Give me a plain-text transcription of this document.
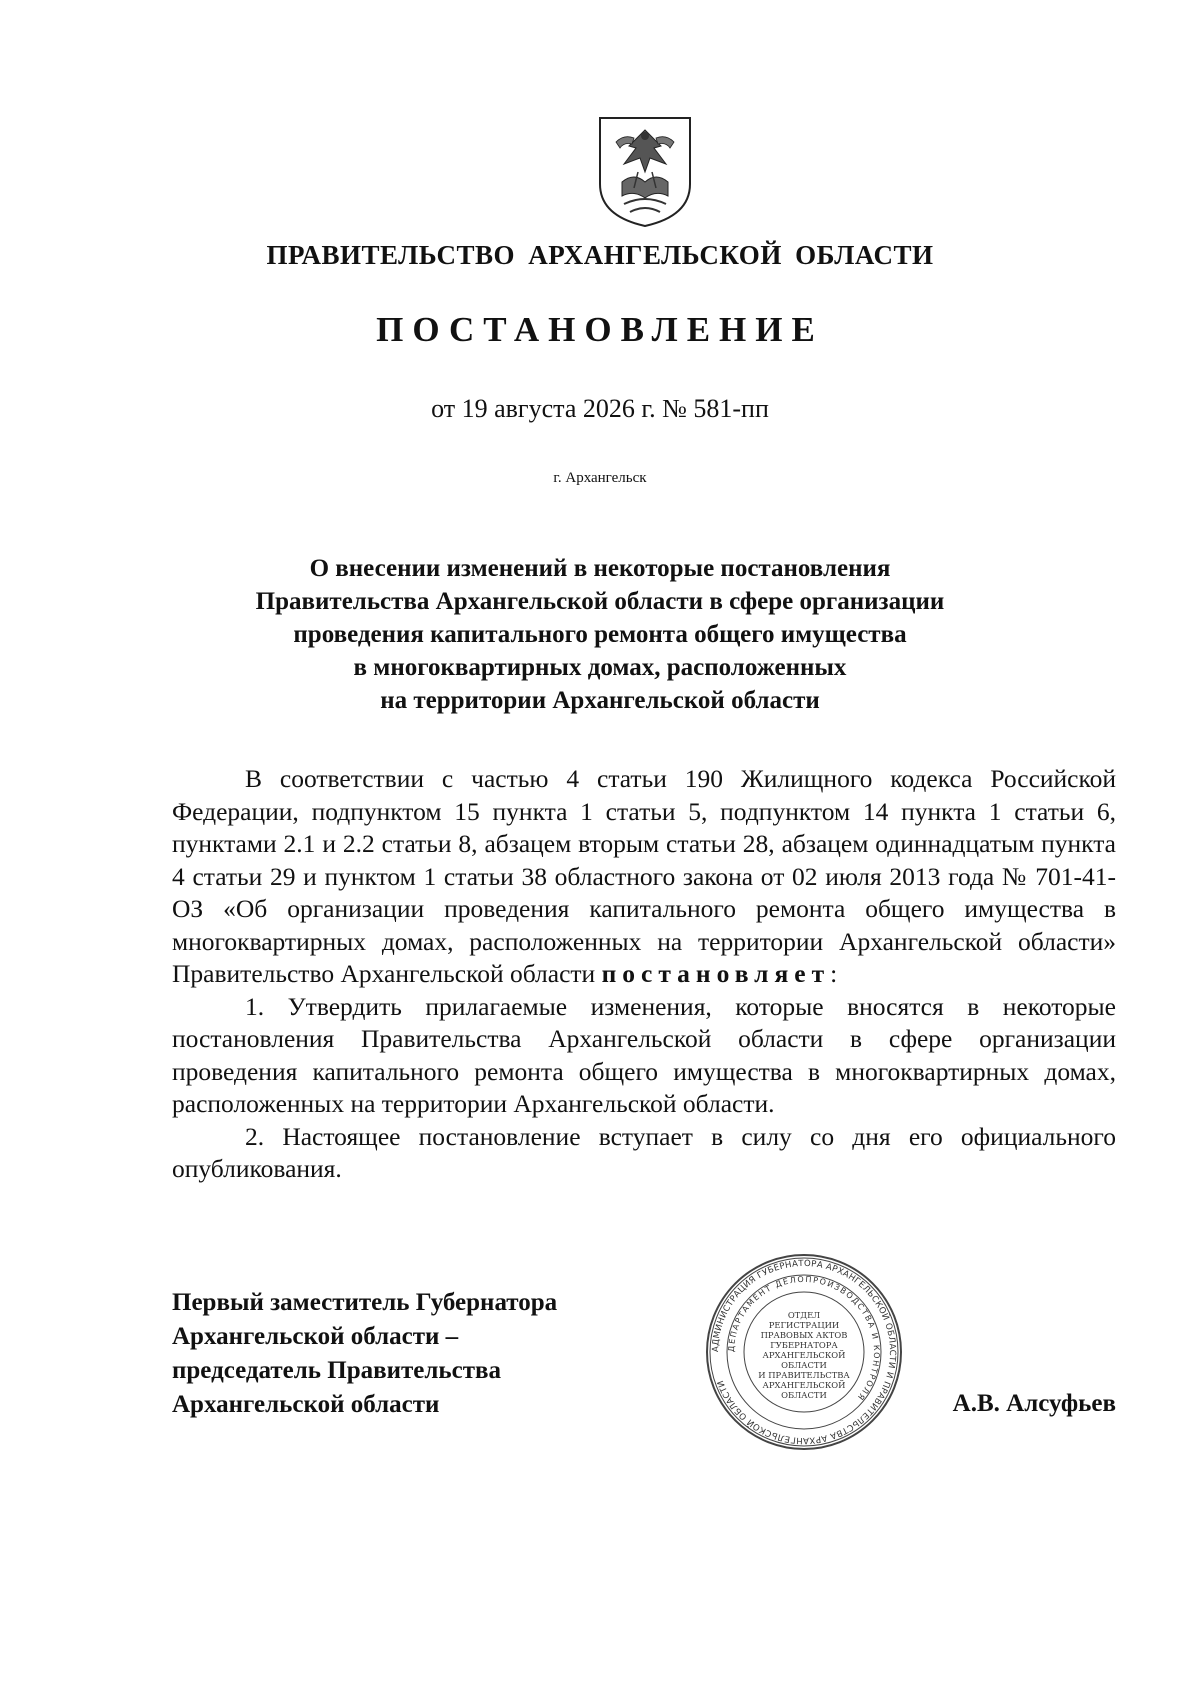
ПРАВИТЕЛЬСТВО АРХАНГЕЛЬСКОЙ ОБЛАСТИ
ПОСТАНОВЛЕНИЕ
от 19 августа 2026 г. № 581-пп
г. Архангельск
О внесении изменений в некоторые постановления
Правительства Архангельской области в сфере организации
проведения капитального ремонта общего имущества
в многоквартирных домах, расположенных
на территории Архангельской области

В соответствии с частью 4 статьи 190 Жилищного кодекса Российской Федерации, подпунктом 15 пункта 1 статьи 5, подпунктом 14 пункта 1 статьи 6, пунктами 2.1 и 2.2 статьи 8, абзацем вторым статьи 28, абзацем одиннадцатым пункта 4 статьи 29 и пунктом 1 статьи 38 областного закона от 02 июля 2013 года № 701-41-ОЗ «Об организации проведения капитального ремонта общего имущества в многоквартирных домах, расположенных на территории Архангельской области» Правительство Архангельской области постановляет:

1. Утвердить прилагаемые изменения, которые вносятся в некоторые постановления Правительства Архангельской области в сфере организации проведения капитального ремонта общего имущества в многоквартирных домах, расположенных на территории Архангельской области.

2. Настоящее постановление вступает в силу со дня его официального опубликования.

Первый заместитель Губернатора
Архангельской области –
председатель Правительства
Архангельской области
АДМИНИСТРАЦИЯ ГУБЕРНАТОРА АРХАНГЕЛЬСКОЙ ОБЛАСТИ И ПРАВИТЕЛЬСТВА АРХАНГЕЛЬСКОЙ ОБЛАСТИ
ДЕПАРТАМЕНТ ДЕЛОПРОИЗВОДСТВА И КОНТРОЛЯ
ОТДЕЛ
РЕГИСТРАЦИИ
ПРАВОВЫХ АКТОВ
ГУБЕРНАТОРА
АРХАНГЕЛЬСКОЙ
ОБЛАСТИ
И ПРАВИТЕЛЬСТВА
АРХАНГЕЛЬСКОЙ
ОБЛАСТИ	А.В. Алсуфьев
